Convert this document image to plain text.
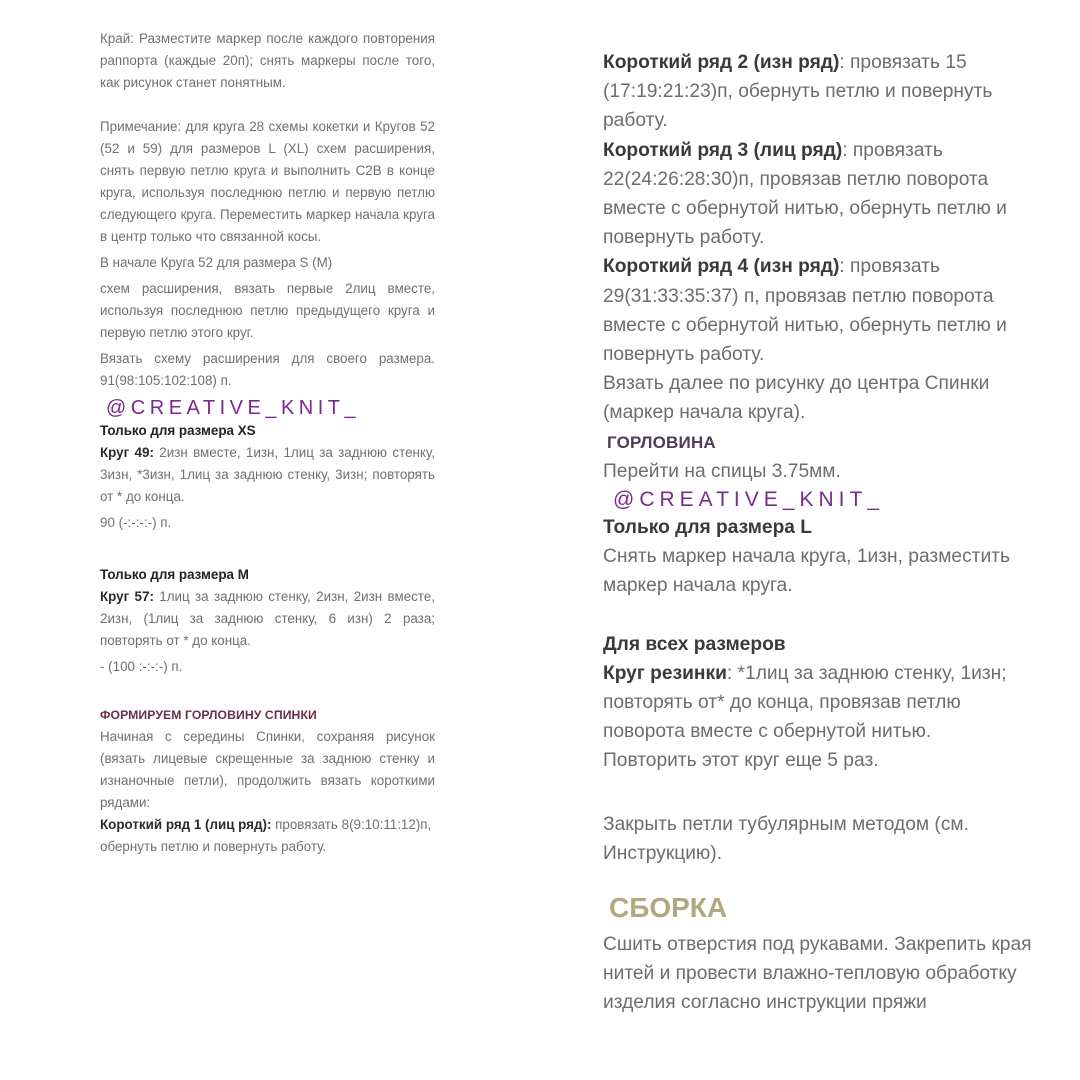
Край: Разместите маркер после каждого повторения раппорта (каждые 20п); снять маркеры после того, как рисунок станет понятным.

Примечание: для круга 28 схемы кокетки и Кругов 52 (52 и 59) для размеров L (XL) схем расширения, снять первую петлю круга и выполнить C2B в конце круга, используя последнюю петлю и первую петлю следующего круга. Переместить маркер начала круга в центр только что связанной косы.

В начале Круга 52 для размера S (M)

схем расширения, вязать первые 2лиц вместе, используя последнюю петлю предыдущего круга и первую петлю этого круг.

Вязать схему расширения для своего размера. 91(98:105:102:108) п.

@CREATIVE_KNIT_

Только для размера XS

Круг 49: 2изн вместе, 1изн, 1лиц за заднюю стенку, 3изн, *3изн, 1лиц за заднюю стенку, 3изн; повторять от * до конца.

90 (-:-:-:-) п.

Только для размера M

Круг 57: 1лиц за заднюю стенку, 2изн, 2изн вместе, 2изн, (1лиц за заднюю стенку, 6 изн) 2 раза; повторять от * до конца.

- (100 :-:-:-) п.

ФОРМИРУЕМ ГОРЛОВИНУ СПИНКИ

Начиная с середины Спинки, сохраняя рисунок (вязать лицевые скрещенные за заднюю стенку и изнаночные петли), продолжить вязать короткими рядами:

Короткий ряд 1 (лиц ряд): провязать 8(9:10:11:12)п, обернуть петлю и повернуть работу.

Короткий ряд 2 (изн ряд): провязать 15 (17:19:21:23)п, обернуть петлю и повернуть работу.

Короткий ряд 3 (лиц ряд): провязать 22(24:26:28:30)п, провязав петлю поворота вместе с обернутой нитью, обернуть петлю и повернуть работу.

Короткий ряд 4 (изн ряд): провязать 29(31:33:35:37) п, провязав петлю поворота вместе с обернутой нитью, обернуть петлю и повернуть работу.

Вязать далее по рисунку до центра Спинки (маркер начала круга).

ГОРЛОВИНА

Перейти на спицы 3.75мм.

@CREATIVE_KNIT_

Только для размера L

Снять маркер начала круга, 1изн, разместить маркер начала круга.

Для всех размеров

Круг резинки: *1лиц за заднюю стенку, 1изн; повторять от* до конца, провязав петлю поворота вместе с обернутой нитью.

Повторить этот круг еще 5 раз.

Закрыть петли тубулярным методом (см. Инструкцию).

СБОРКА

Сшить отверстия под рукавами. Закрепить края нитей и провести влажно-тепловую обработку изделия согласно инструкции пряжи
